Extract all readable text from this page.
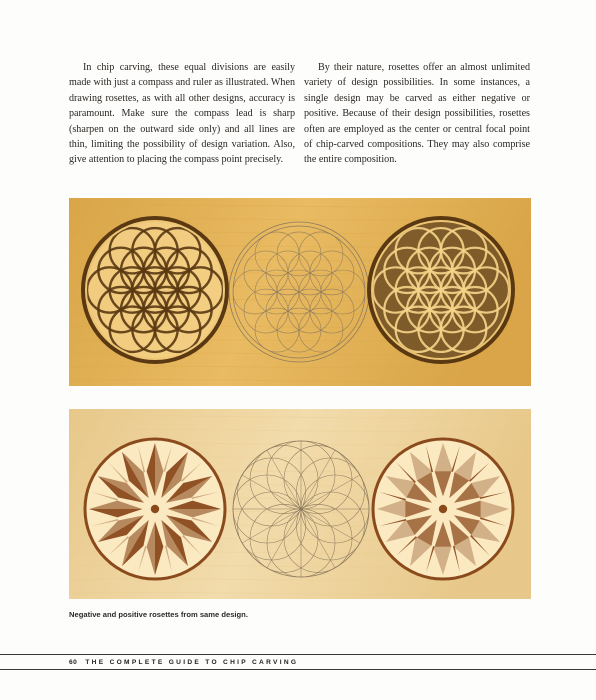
In chip carving, these equal divisions are easily made with just a compass and ruler as illustrated. When drawing rosettes, as with all other designs, accuracy is paramount. Make sure the compass lead is sharp (sharpen on the outward side only) and all lines are thin, limiting the possibility of design variation. Also, give attention to placing the compass point precisely.

By their nature, rosettes offer an almost unlimited variety of design possibilities. In some instances, a single design may be carved as either negative or positive. Because of their design possibilities, rosettes often are employed as the center or central focal point of chip-carved compositions. They may also comprise the entire composition.

Negative and positive rosettes from same design.
60 THE COMPLETE GUIDE TO CHIP CARVING
